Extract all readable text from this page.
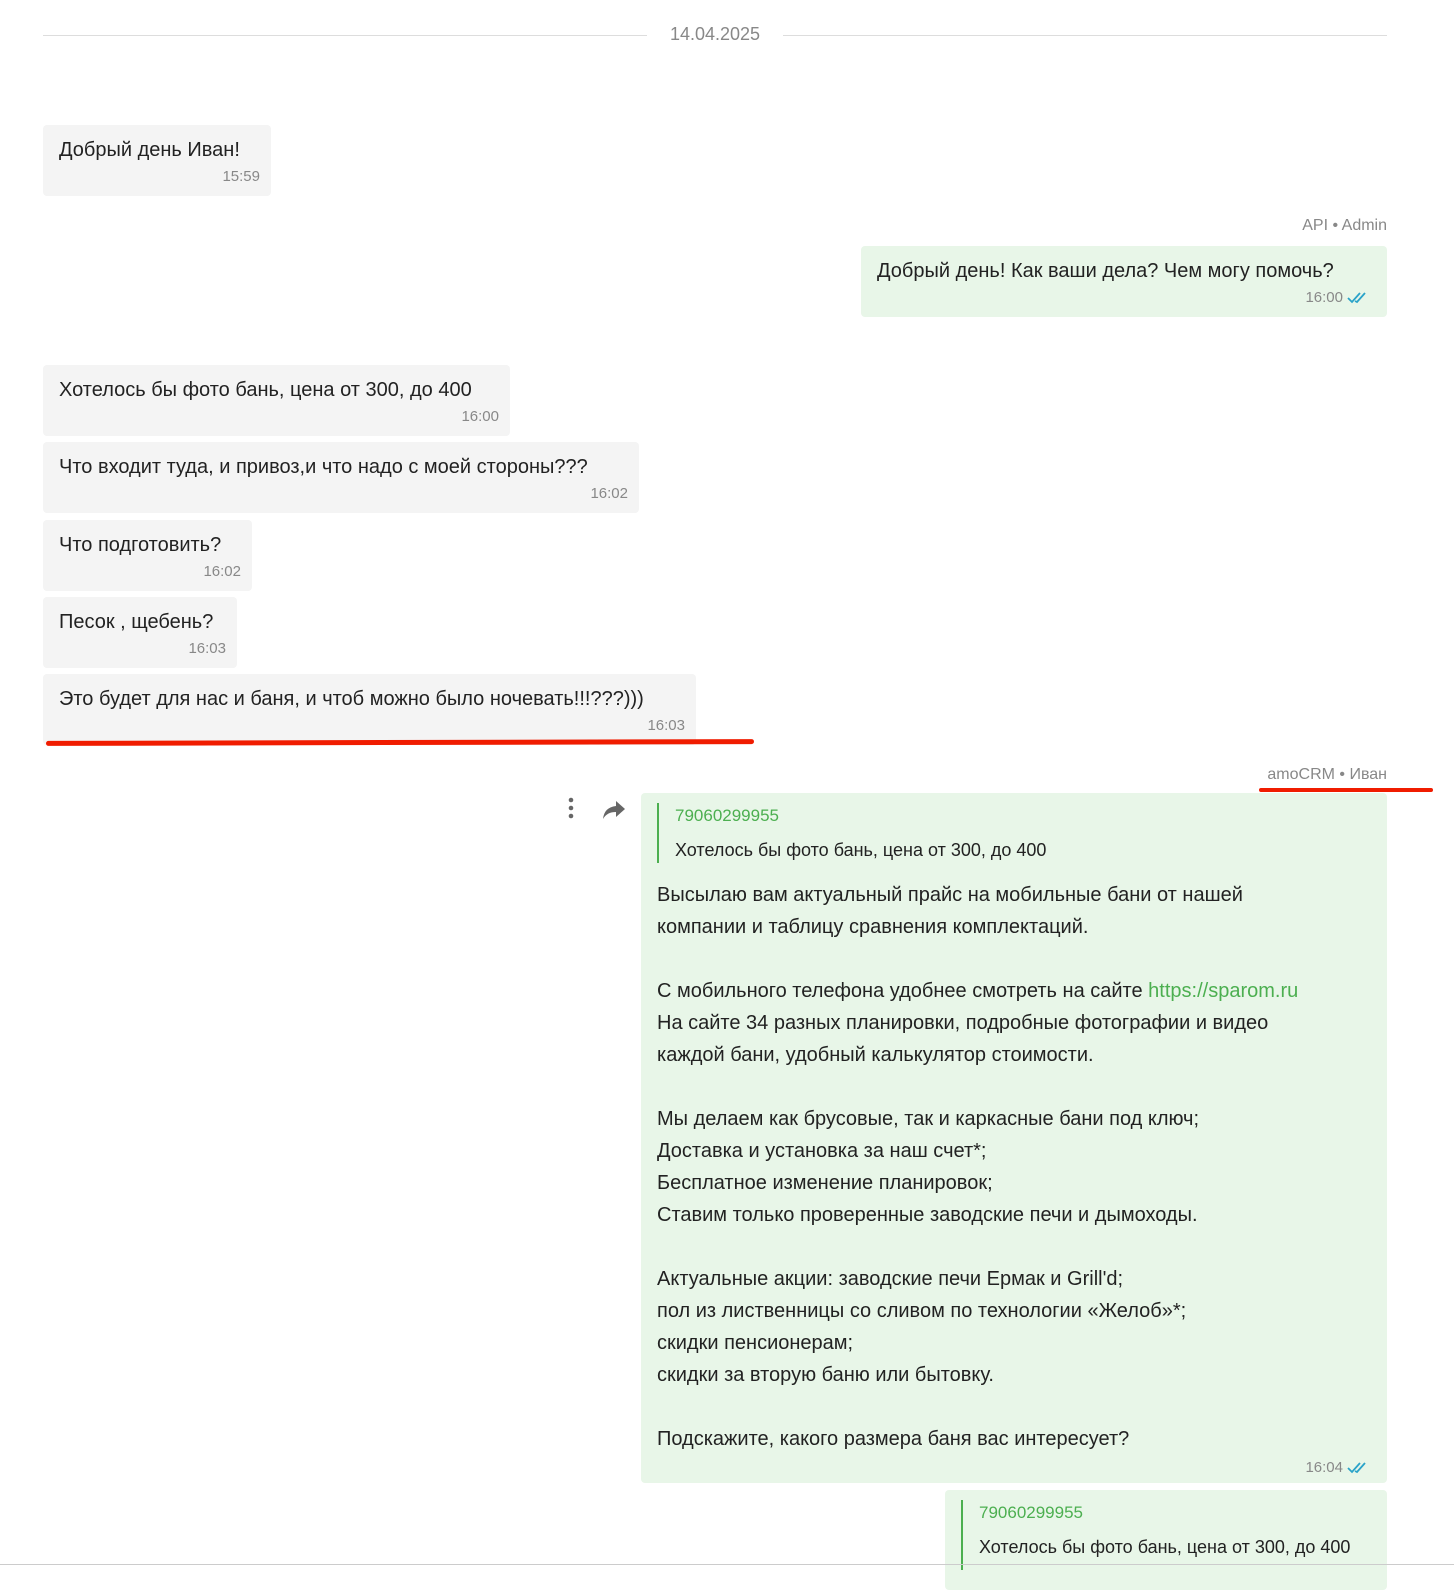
14.04.2025
Добрый день Иван!
15:59
API • Admin
Добрый день! Как ваши дела? Чем могу помочь?
16:00
Хотелось бы фото бань, цена от 300, до 400
16:00
Что входит туда, и привоз,и что надо с моей стороны???
16:02
Что подготовить?
16:02
Песок , щебень?
16:03
Это будет для нас и баня, и чтоб можно было ночевать!!!???)))
16:03
amoCRM • Иван
79060299955
Хотелось бы фото бань, цена от 300, до 400

Высылаю вам актуальный прайс на мобильные бани от нашей компании и таблицу сравнения комплектаций.

С мобильного телефона удобнее смотреть на сайте https://sparom.ru
На сайте 34 разных планировки, подробные фотографии и видео каждой бани, удобный калькулятор стоимости.

Мы делаем как брусовые, так и каркасные бани под ключ;
Доставка и установка за наш счет*;
Бесплатное изменение планировок;
Ставим только проверенные заводские печи и дымоходы.

Актуальные акции: заводские печи Ермак и Grill'd;
пол из лиственницы со сливом по технологии «Желоб»*;
скидки пенсионерам;
скидки за вторую баню или бытовку.

Подскажите, какого размера баня вас интересует?

16:04
79060299955
Хотелось бы фото бань, цена от 300, до 400
